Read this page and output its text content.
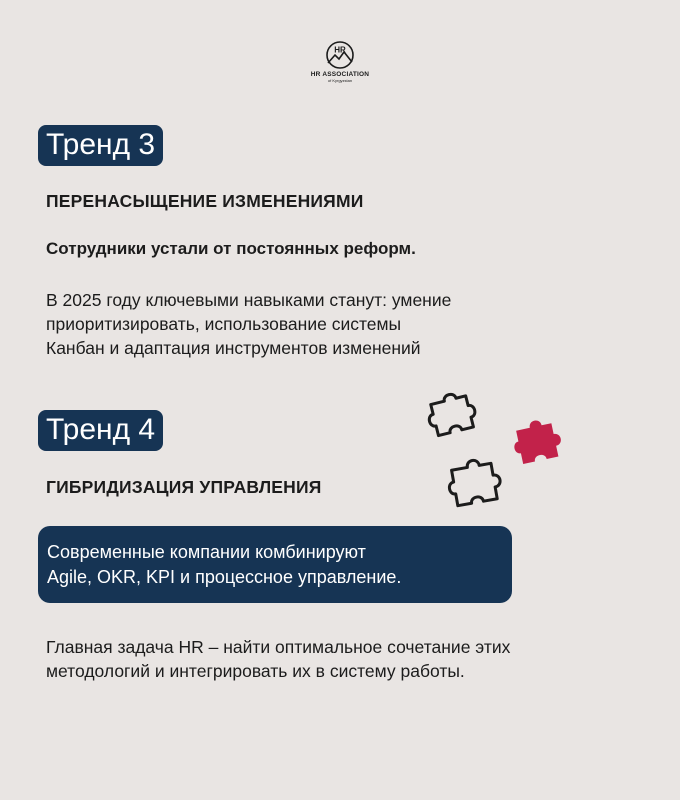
HR
HR ASSOCIATION
of Kyrgyzstan
Тренд 3
ПЕРЕНАСЫЩЕНИЕ ИЗМЕНЕНИЯМИ
Сотрудники устали от постоянных реформ.
В 2025 году ключевыми навыками станут: умение
приоритизировать, использование системы
Канбан и адаптация инструментов изменений
Тренд 4
ГИБРИДИЗАЦИЯ УПРАВЛЕНИЯ
Современные компании комбинируют
Agile, OKR, KPI и процессное управление.
Главная задача HR – найти оптимальное сочетание этих
методологий и интегрировать их в систему работы.
